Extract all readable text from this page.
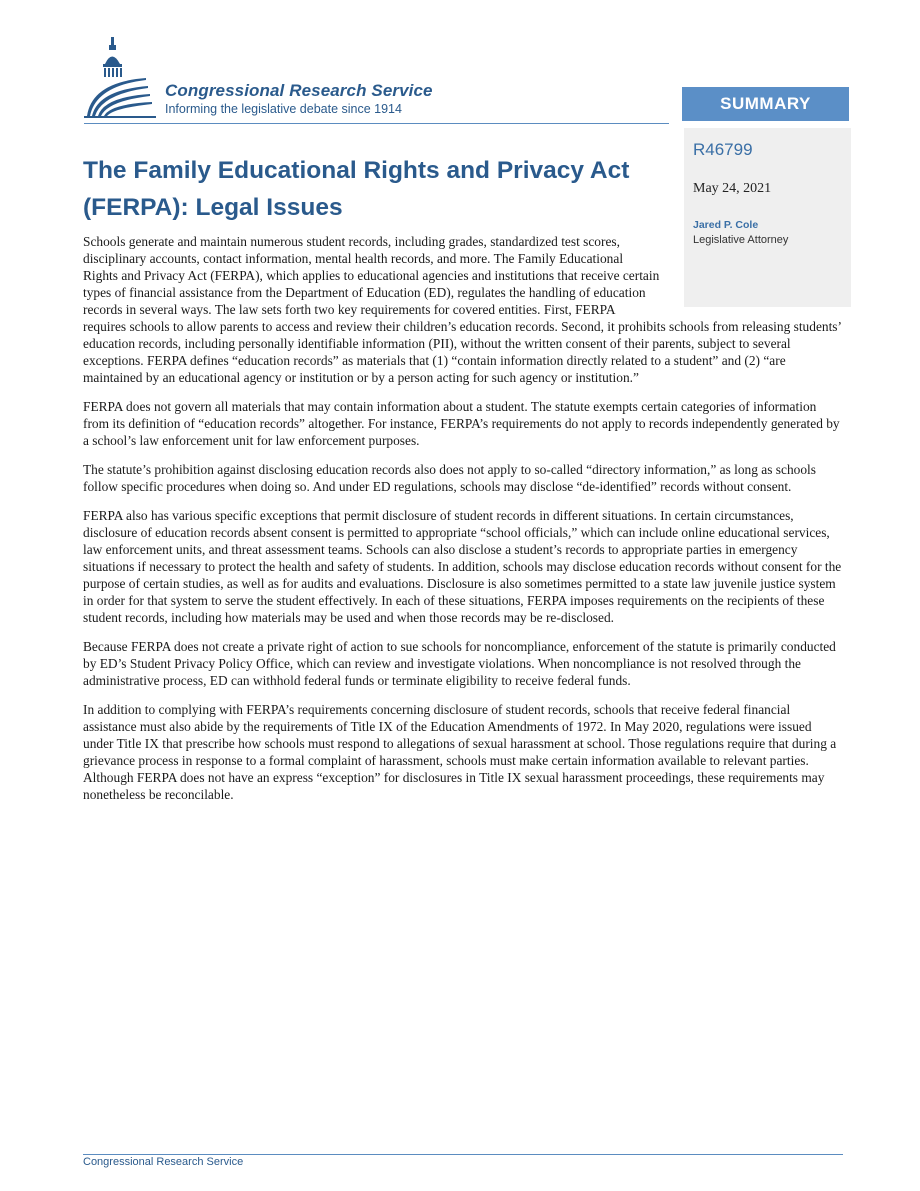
Congressional Research Service
Informing the legislative debate since 1914	SUMMARY
R46799
May 24, 2021
Jared P. Cole
Legislative Attorney
The Family Educational Rights and Privacy Act (FERPA): Legal Issues

Schools generate and maintain numerous student records, including grades, standardized test scores, disciplinary accounts, contact information, mental health records, and more. The Family Educational Rights and Privacy Act (FERPA), which applies to educational agencies and institutions that receive certain types of financial assistance from the Department of Education (ED), regulates the handling of education records in several ways. The law sets forth two key requirements for covered entities. First, FERPA requires schools to allow parents to access and review their children’s education records. Second, it prohibits schools from releasing students’ education records, including personally identifiable information (PII), without the written consent of their parents, subject to several exceptions. FERPA defines “education records” as materials that (1) “contain information directly related to a student” and (2) “are maintained by an educational agency or institution or by a person acting for such agency or institution.”

FERPA does not govern all materials that may contain information about a student. The statute exempts certain categories of information from its definition of “education records” altogether. For instance, FERPA’s requirements do not apply to records independently generated by a school’s law enforcement unit for law enforcement purposes.

The statute’s prohibition against disclosing education records also does not apply to so-called “directory information,” as long as schools follow specific procedures when doing so. And under ED regulations, schools may disclose “de-identified” records without consent.

FERPA also has various specific exceptions that permit disclosure of student records in different situations. In certain circumstances, disclosure of education records absent consent is permitted to appropriate “school officials,” which can include online educational services, law enforcement units, and threat assessment teams. Schools can also disclose a student’s records to appropriate parties in emergency situations if necessary to protect the health and safety of students. In addition, schools may disclose education records without consent for the purpose of certain studies, as well as for audits and evaluations. Disclosure is also sometimes permitted to a state law juvenile justice system in order for that system to serve the student effectively. In each of these situations, FERPA imposes requirements on the recipients of these student records, including how materials may be used and when those records may be re-disclosed.

Because FERPA does not create a private right of action to sue schools for noncompliance, enforcement of the statute is primarily conducted by ED’s Student Privacy Policy Office, which can review and investigate violations. When noncompliance is not resolved through the administrative process, ED can withhold federal funds or terminate eligibility to receive federal funds.

In addition to complying with FERPA’s requirements concerning disclosure of student records, schools that receive federal financial assistance must also abide by the requirements of Title IX of the Education Amendments of 1972. In May 2020, regulations were issued under Title IX that prescribe how schools must respond to allegations of sexual harassment at school. Those regulations require that during a grievance process in response to a formal complaint of harassment, schools must make certain information available to relevant parties. Although FERPA does not have an express “exception” for disclosures in Title IX sexual harassment proceedings, these requirements may nonetheless be reconcilable.

Congressional Research Service
